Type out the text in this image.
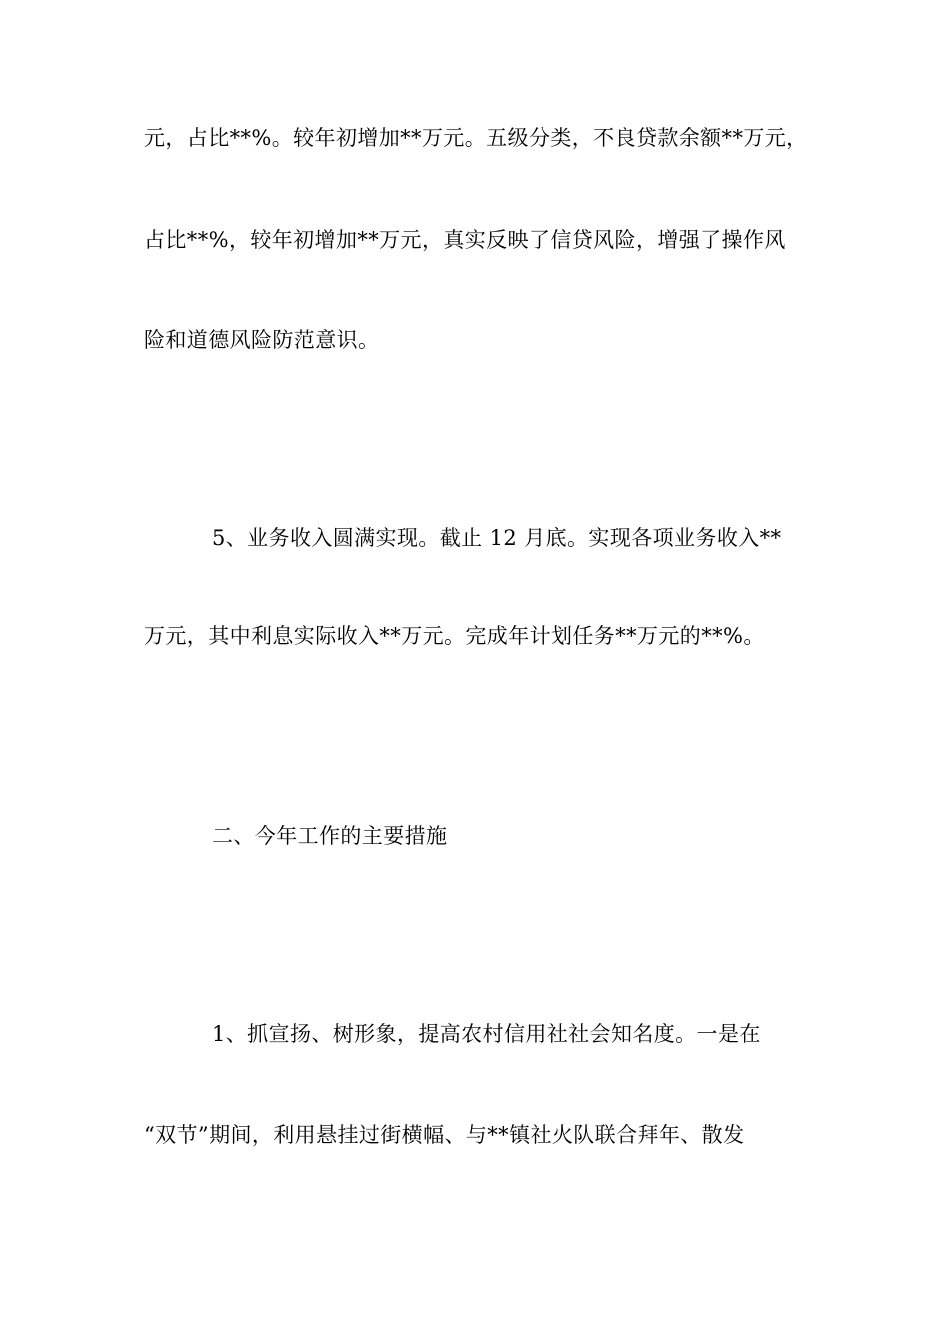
元，占比**%。较年初增加**万元。五级分类，不良贷款余额**万元，
占比**%，较年初增加**万元，真实反映了信贷风险，增强了操作风
险和道德风险防范意识。
5、业务收入圆满实现。截止 12 月底。实现各项业务收入**
万元，其中利息实际收入**万元。完成年计划任务**万元的**%。
二、今年工作的主要措施
1、抓宣扬、树形象，提高农村信用社社会知名度。一是在
“双节”期间，利用悬挂过街横幅、与**镇社火队联合拜年、散发
